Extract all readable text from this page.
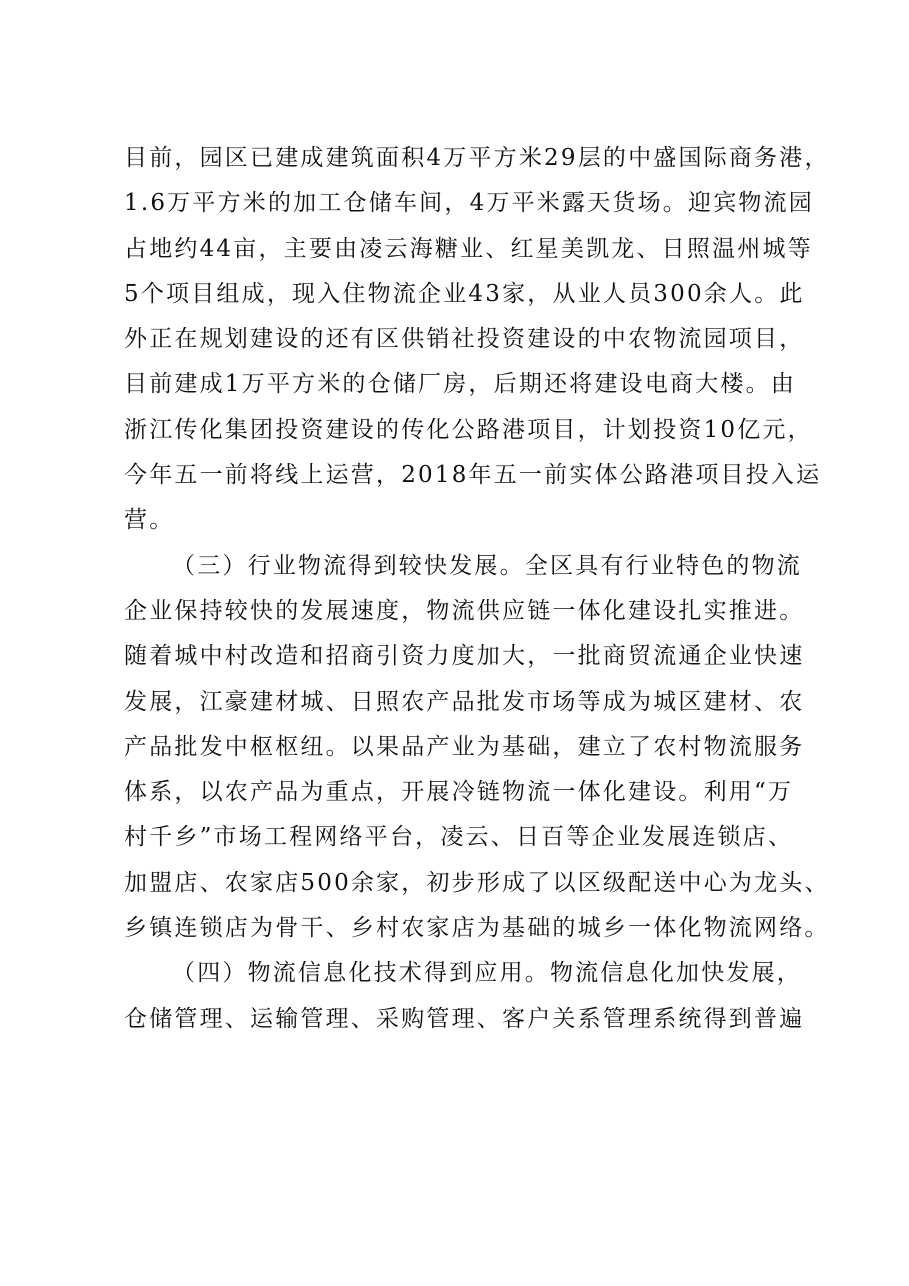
目前，园区已建成建筑面积4万平方米29层的中盛国际商务港，
1.6万平方米的加工仓储车间，4万平米露天货场。迎宾物流园
占地约44亩，主要由凌云海糖业、红星美凯龙、日照温州城等
5个项目组成，现入住物流企业43家，从业人员300余人。此
外正在规划建设的还有区供销社投资建设的中农物流园项目，
目前建成1万平方米的仓储厂房，后期还将建设电商大楼。由
浙江传化集团投资建设的传化公路港项目，计划投资10亿元，
今年五一前将线上运营，2018年五一前实体公路港项目投入运
营。
（三）行业物流得到较快发展。全区具有行业特色的物流
企业保持较快的发展速度，物流供应链一体化建设扎实推进。
随着城中村改造和招商引资力度加大，一批商贸流通企业快速
发展，江豪建材城、日照农产品批发市场等成为城区建材、农
产品批发中枢枢纽。以果品产业为基础，建立了农村物流服务
体系，以农产品为重点，开展冷链物流一体化建设。利用“万
村千乡”市场工程网络平台，凌云、日百等企业发展连锁店、
加盟店、农家店500余家，初步形成了以区级配送中心为龙头、
乡镇连锁店为骨干、乡村农家店为基础的城乡一体化物流网络。
（四）物流信息化技术得到应用。物流信息化加快发展，
仓储管理、运输管理、采购管理、客户关系管理系统得到普遍
